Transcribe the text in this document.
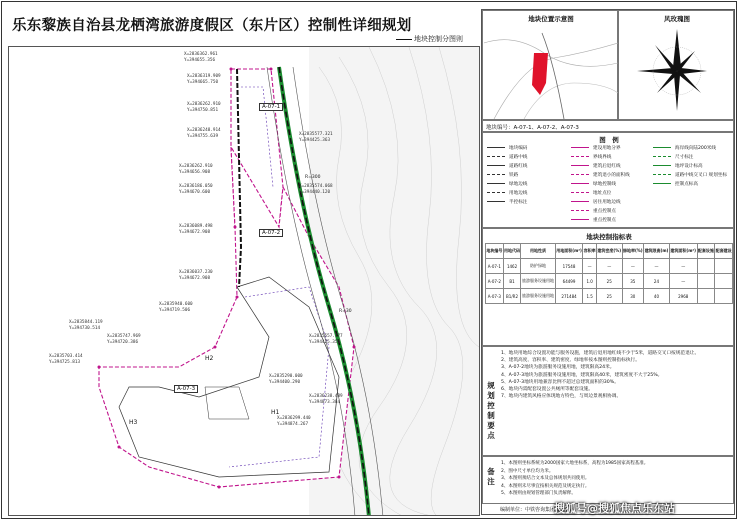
乐东黎族自治县龙栖湾旅游度假区（东片区）控制性详细规划
地块控制分图则
X=2836362.961
Y=394655.356
X=2836319.909
Y=394665.750
X=2836262.910
Y=394750.851
X=2836248.914
Y=394755.639
X=2836262.910
Y=394656.908
X=2836186.050
Y=394670.600
X=2836089.498
Y=394672.908
X=2836037.230
Y=394672.908
X=2835940.600
Y=394719.506
X=2835844.119
Y=394730.514
X=2835747.969
Y=394720.386
X=2835703.414
Y=394725.813
X=2835577.321
Y=394425.363
X=2835574.068
Y=394440.120
X=2835557.777
Y=394425.356
X=2835290.000
Y=394400.290
X=2836299.440
Y=394874.267
X=2836238.489
Y=394873.384
A-07-1
A-07-2
A-07-3
H2
H3
H1
R=300
R=30
地块位置示意图	风玫瑰图
地块编号：A-07-1、A-07-2、A-07-3
图　例
地块编码
道路中线
道路红线
铁路
绿地边线
用地边线
半控标注
建设用地分界
界线界线
建筑后退红线
建筑退小的面积线
绿地控制线
地址点位
居住用地边线
重点控制点
重点控制点
海岸线向陆200米线
尺寸标注
地坪设计标高
道路中线交叉口 规划坐标
控制点标高
地块控制指标表
地块编号	用地代码	用地性质	用地面积(m²)	容积率	建筑密度(%)	绿地率(%)	建筑限高(m)	建筑面积(m²)	配套设施	配套建设
A-07-1	1462	防护绿地	17548	—	—	—	—	—		
A-07-2	B1	旅游服务设施用地	64499	1.0	25	35	24	—		
A-07-3	B1/R2	旅游服务设施用地	271484	1.5	25	30	40	2968		
规划控制要点
1、地块用地综合设置功能与服务设施，建筑后退用地红线不少于5米，道路交叉口按规范退让。
2、建筑高度、容积率、建筑密度、绿地率按本图则控制指标执行。
3、A-07-2地块为旅游服务设施用地，建筑限高24米。
4、A-07-3地块为旅游服务设施用地，建筑限高40米，建筑密度不大于25%。
5、A-07-3地块用地兼容比例不超过总建筑面积的30%。
6、地块内需配套设置公共厕所等配套设施。
7、地块内建筑风格应体现地方特色，与周边景观相协调。
备注
1、本图则坐标系统为2000国家大地坐标系，高程为1985国家高程基准。
2、图中尺寸单位均为米。
3、本图则须结合文本及总体规划共同使用。
4、本图则未尽事宜按相关规范及规定执行。
5、本图则由规划管理部门负责解释。
编制单位：中铁咨询集团有限公司
搜狐号@搜狐焦点乐东站
